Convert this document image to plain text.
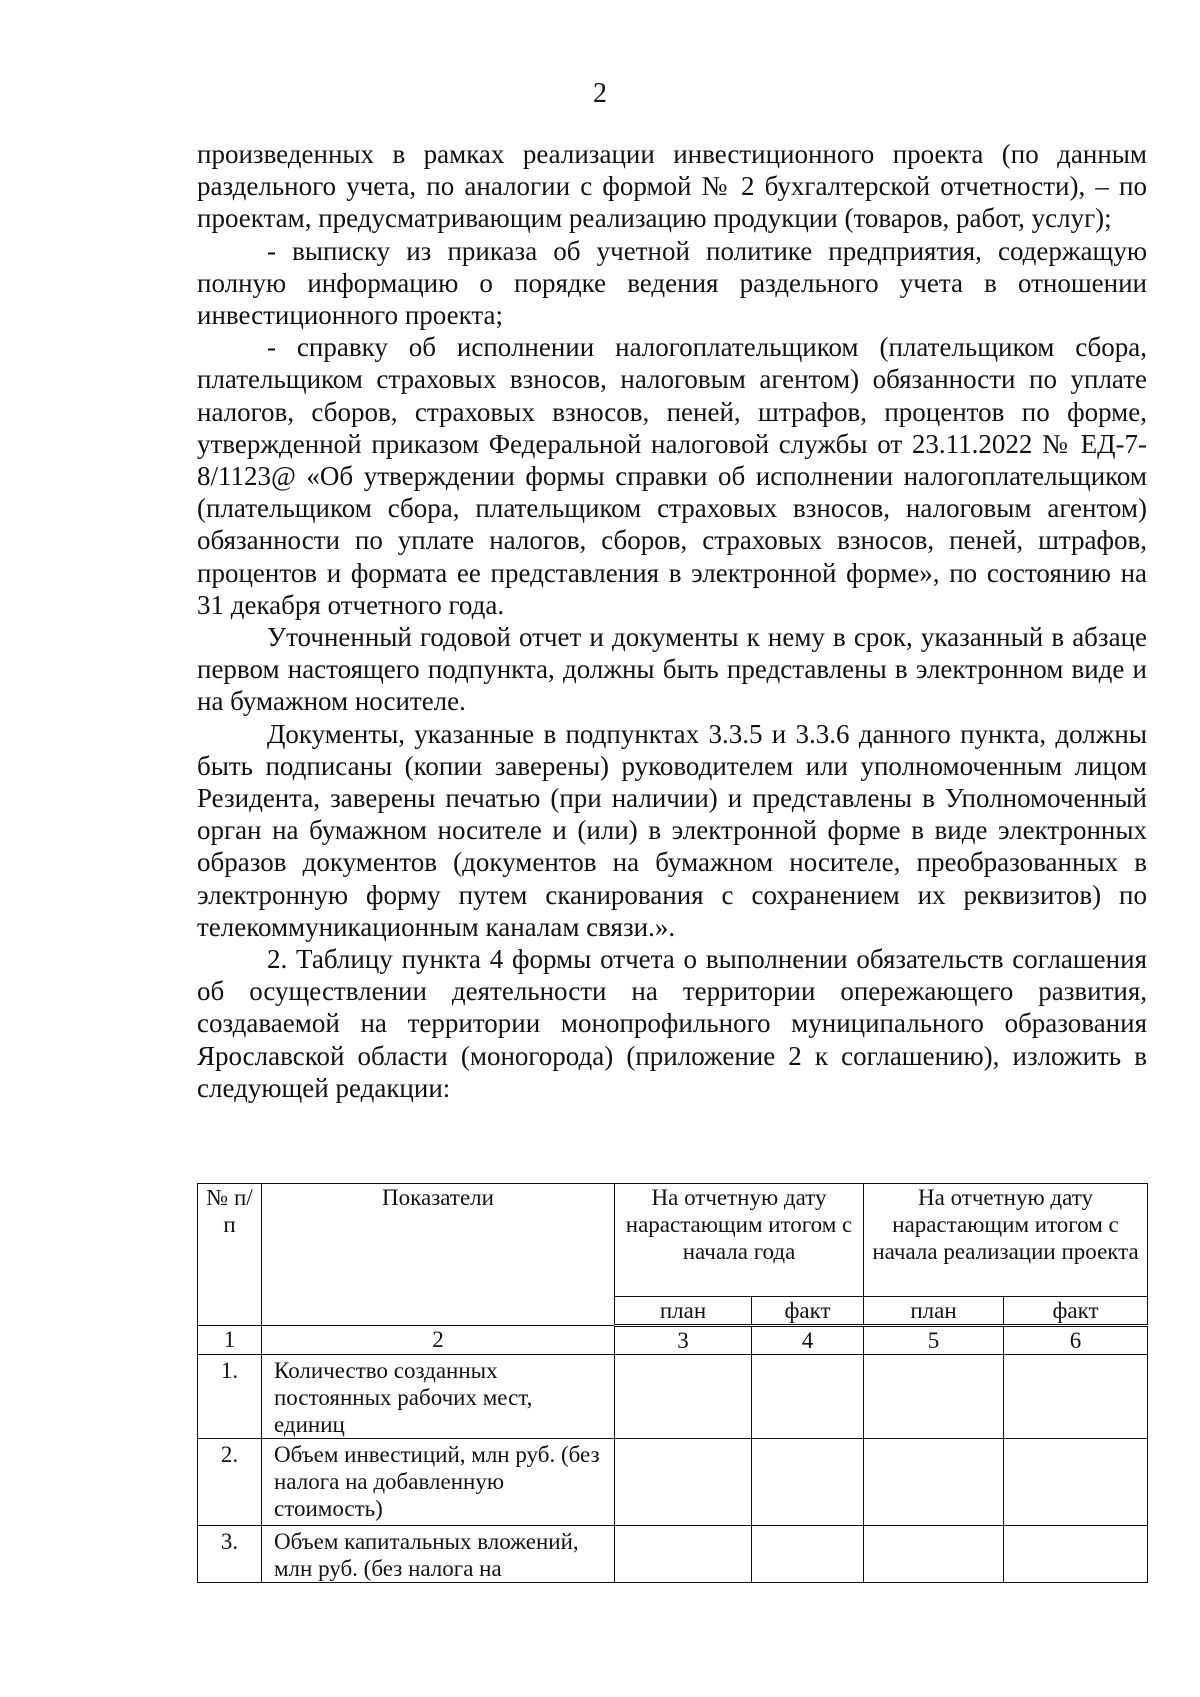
2

произведенных в рамках реализации инвестиционного проекта (по данным раздельного учета, по аналогии с формой № 2 бухгалтерской отчетности), – по проектам, предусматривающим реализацию продукции (товаров, работ, услуг);

- выписку из приказа об учетной политике предприятия, содержащую полную информацию о порядке ведения раздельного учета в отношении инвестиционного проекта;

- справку об исполнении налогоплательщиком (плательщиком сбора, плательщиком страховых взносов, налоговым агентом) обязанности по уплате налогов, сборов, страховых взносов, пеней, штрафов, процентов по форме, утвержденной приказом Федеральной налоговой службы от 23.11.2022 № ЕД-7-8/1123@ «Об утверждении формы справки об исполнении налогоплательщиком (плательщиком сбора, плательщиком страховых взносов, налоговым агентом) обязанности по уплате налогов, сборов, страховых взносов, пеней, штрафов, процентов и формата ее представления в электронной форме», по состоянию на 31 декабря отчетного года.

Уточненный годовой отчет и документы к нему в срок, указанный в абзаце первом настоящего подпункта, должны быть представлены в электронном виде и на бумажном носителе.

Документы, указанные в подпунктах 3.3.5 и 3.3.6 данного пункта, должны быть подписаны (копии заверены) руководителем или уполномоченным лицом Резидента, заверены печатью (при наличии) и представлены в Уполномоченный орган на бумажном носителе и (или) в электронной форме в виде электронных образов документов (документов на бумажном носителе, преобразованных в электронную форму путем сканирования с сохранением их реквизитов) по телекоммуникационным каналам связи.».

2. Таблицу пункта 4 формы отчета о выполнении обязательств соглашения об осуществлении деятельности на территории опережающего развития, создаваемой на территории монопрофильного муниципального образования Ярославской области (моногорода) (приложение 2 к соглашению), изложить в следующей редакции:

№ п/п	Показатели	На отчетную дату нарастающим итогом с начала года		На отчетную дату нарастающим итогом с начала реализации проекта	
		план	факт	план	факт
1	2	3	4	5	6
1.	Количество созданных постоянных рабочих мест, единиц				
2.	Объем инвестиций, млн руб. (без налога на добавленную стоимость)				
3.	Объем капитальных вложений, млн руб. (без налога на				
